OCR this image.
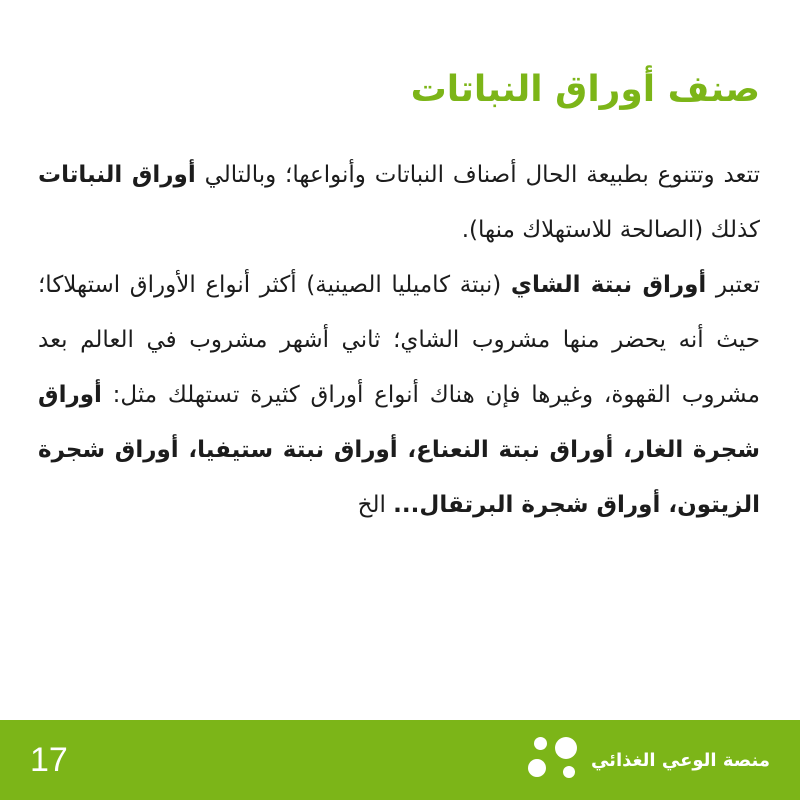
صنف أوراق النباتات

تتعد وتتنوع بطبيعة الحال أصناف النباتات وأنواعها؛ وبالتالي أوراق النباتات كذلك (الصالحة للاستهلاك منها).

تعتبر أوراق نبتة الشاي (نبتة كاميليا الصينية) أكثر أنواع الأوراق استهلاكا؛ حيث أنه يحضر منها مشروب الشاي؛ ثاني أشهر مشروب في العالم بعد مشروب القهوة، وغيرها فإن هناك أنواع أوراق كثيرة تستهلك مثل: أوراق شجرة الغار، أوراق نبتة النعناع، أوراق نبتة ستيفيا، أوراق شجرة الزيتون، أوراق شجرة البرتقال... الخ

منصة الوعي الغذائي
17
